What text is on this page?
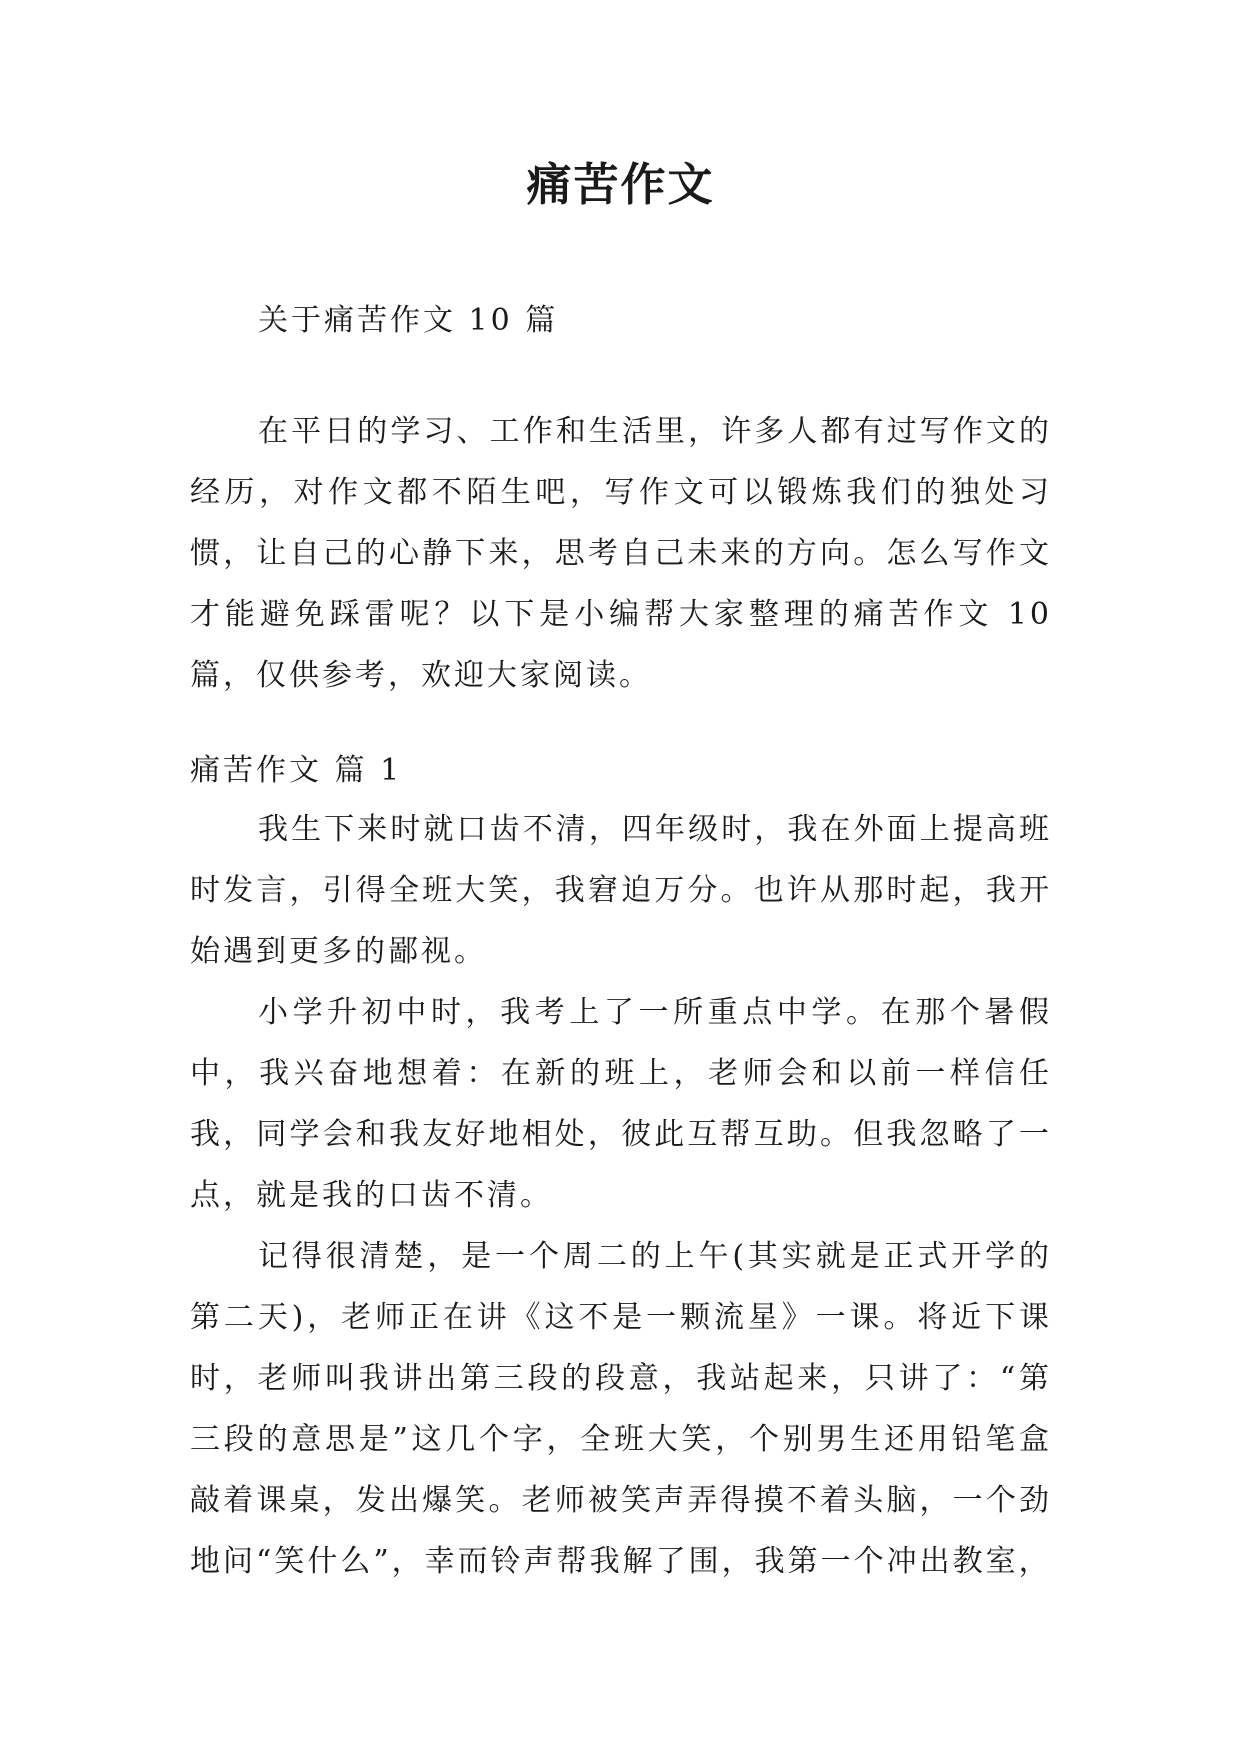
痛苦作文
关于痛苦作文 10 篇
在平日的学习、工作和生活里，许多人都有过写作文的经历，对作文都不陌生吧，写作文可以锻炼我们的独处习惯，让自己的心静下来，思考自己未来的方向。怎么写作文才能避免踩雷呢？以下是小编帮大家整理的痛苦作文 10 篇，仅供参考，欢迎大家阅读。
痛苦作文 篇 1

我生下来时就口齿不清，四年级时，我在外面上提高班时发言，引得全班大笑，我窘迫万分。也许从那时起，我开始遇到更多的鄙视。

小学升初中时，我考上了一所重点中学。在那个暑假中，我兴奋地想着：在新的班上，老师会和以前一样信任我，同学会和我友好地相处，彼此互帮互助。但我忽略了一点，就是我的口齿不清。

记得很清楚，是一个周二的上午(其实就是正式开学的第二天)，老师正在讲《这不是一颗流星》一课。将近下课时，老师叫我讲出第三段的段意，我站起来，只讲了：“第三段的意思是”这几个字，全班大笑，个别男生还用铅笔盒敲着课桌，发出爆笑。老师被笑声弄得摸不着头脑，一个劲地问“笑什么”，幸而铃声帮我解了围，我第一个冲出教室，
